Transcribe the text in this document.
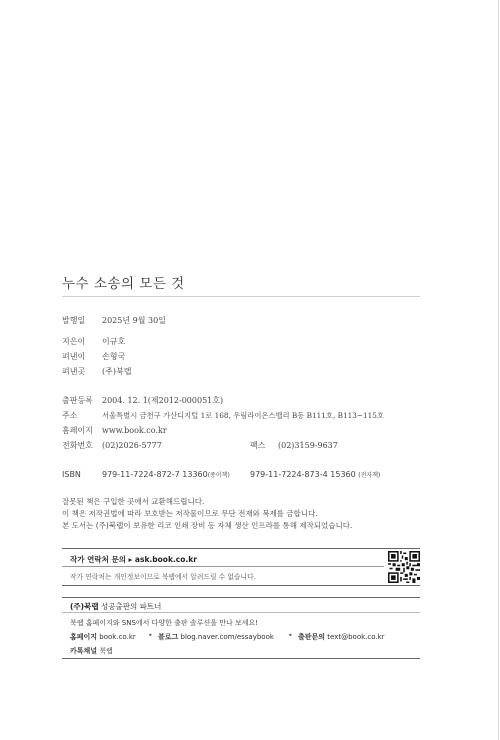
누수 소송의 모든 것
발행일 2025년 9월 30일
지은이 이규호
펴낸이 손형국
펴낸곳 (주)북랩
출판등록 2004. 12. 1(제2012-000051호)
주소	서울특별시 금천구 가산디지털 1로 168, 우림라이온스밸리 B동 B111호, B113~115호
홈페이지 www.book.co.kr
전화번호 (02)2026-5777	팩스 (02)3159-9637
ISBN	979-11-7224-872-7 13360(종이책)	979-11-7224-873-4 15360 (전자책)
잘못된 책은 구입한 곳에서 교환해드립니다.
이 책은 저작권법에 따라 보호받는 저작물이므로 무단 전재와 복제를 금합니다.
본 도서는 (주)북랩이 보유한 리코 인쇄 장비 등 자체 생산 인프라를 통해 제작되었습니다.
작가 연락처 문의 ▸ ask.book.co.kr
작가 연락처는 개인정보이므로 북랩에서 알려드릴 수 없습니다.
(주)북랩 성공출판의 파트너
북랩 홈페이지와 SNS에서 다양한 출판 솔루션을 만나 보세요!
홈페이지 book.co.kr • 블로그 blog.naver.com/essaybook • 출판문의 text@book.co.kr
카톡채널 북랩
